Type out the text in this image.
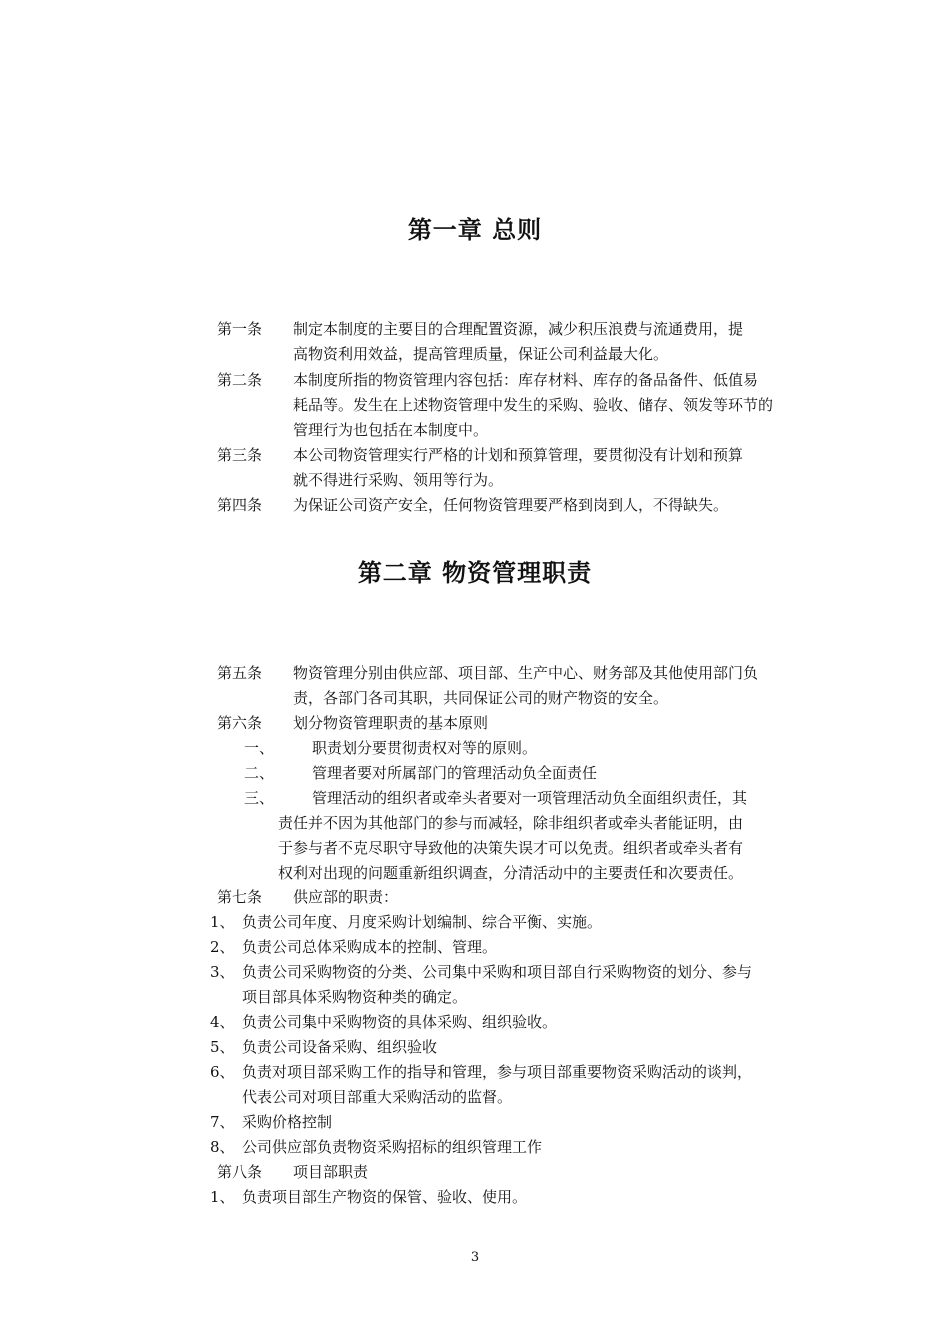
第一章 总则
第一条 制定本制度的主要目的合理配置资源，减少积压浪费与流通费用，提
高物资利用效益，提高管理质量，保证公司利益最大化。
第二条 本制度所指的物资管理内容包括：库存材料、库存的备品备件、低值易
耗品等。发生在上述物资管理中发生的采购、验收、储存、领发等环节的
管理行为也包括在本制度中。
第三条 本公司物资管理实行严格的计划和预算管理，要贯彻没有计划和预算
就不得进行采购、领用等行为。
第四条 为保证公司资产安全，任何物资管理要严格到岗到人，不得缺失。
第二章 物资管理职责
第五条 物资管理分别由供应部、项目部、生产中心、财务部及其他使用部门负
责，各部门各司其职，共同保证公司的财产物资的安全。
第六条 划分物资管理职责的基本原则
一、	职责划分要贯彻责权对等的原则。
二、	管理者要对所属部门的管理活动负全面责任
三、	管理活动的组织者或牵头者要对一项管理活动负全面组织责任，其
责任并不因为其他部门的参与而减轻，除非组织者或牵头者能证明，由
于参与者不克尽职守导致他的决策失误才可以免责。组织者或牵头者有
权利对出现的问题重新组织调查，分清活动中的主要责任和次要责任。
第七条 供应部的职责：
1、 负责公司年度、月度采购计划编制、综合平衡、实施。
2、 负责公司总体采购成本的控制、管理。
3、 负责公司采购物资的分类、公司集中采购和项目部自行采购物资的划分、参与
项目部具体采购物资种类的确定。
4、 负责公司集中采购物资的具体采购、组织验收。
5、 负责公司设备采购、组织验收
6、 负责对项目部采购工作的指导和管理，参与项目部重要物资采购活动的谈判，
代表公司对项目部重大采购活动的监督。
7、 采购价格控制
8、 公司供应部负责物资采购招标的组织管理工作
第八条 项目部职责
1、 负责项目部生产物资的保管、验收、使用。
3
